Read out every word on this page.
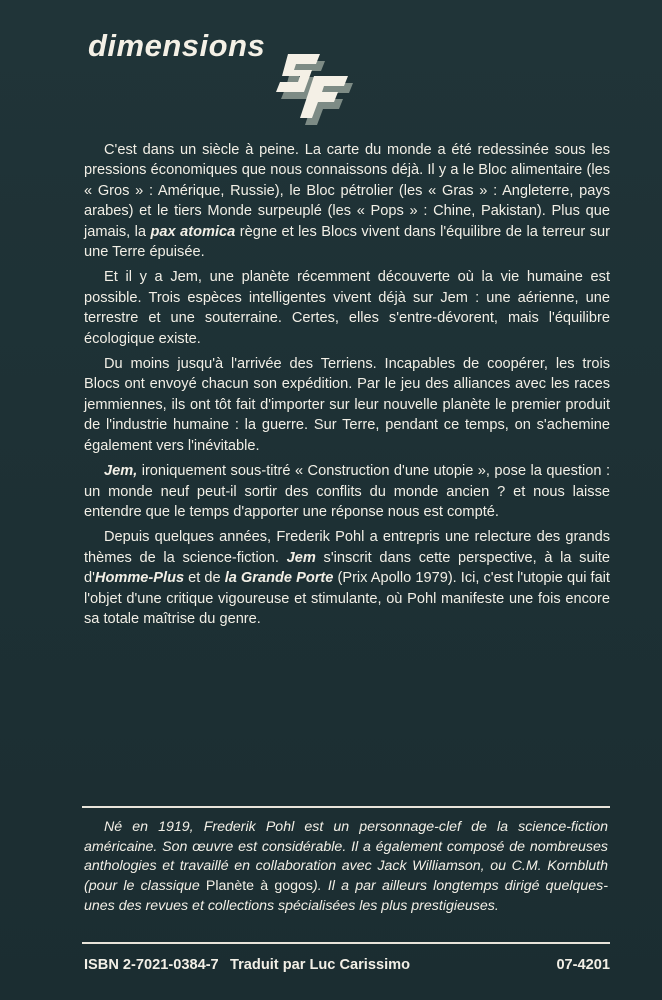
dimensions

C'est dans un siècle à peine. La carte du monde a été redessinée sous les pressions économiques que nous connaissons déjà. Il y a le Bloc alimentaire (les « Gros » : Amérique, Russie), le Bloc pétrolier (les « Gras » : Angleterre, pays arabes) et le tiers Monde surpeuplé (les « Pops » : Chine, Pakistan). Plus que jamais, la pax atomica règne et les Blocs vivent dans l'équilibre de la terreur sur une Terre épuisée.

Et il y a Jem, une planète récemment découverte où la vie humaine est possible. Trois espèces intelligentes vivent déjà sur Jem : une aérienne, une terrestre et une souterraine. Certes, elles s'entre-dévorent, mais l'équilibre écologique existe.

Du moins jusqu'à l'arrivée des Terriens. Incapables de coopérer, les trois Blocs ont envoyé chacun son expédition. Par le jeu des alliances avec les races jemmiennes, ils ont tôt fait d'importer sur leur nouvelle planète le premier produit de l'industrie humaine : la guerre. Sur Terre, pendant ce temps, on s'achemine également vers l'inévitable.

Jem, ironiquement sous-titré « Construction d'une utopie », pose la question : un monde neuf peut-il sortir des conflits du monde ancien ? et nous laisse entendre que le temps d'apporter une réponse nous est compté.

Depuis quelques années, Frederik Pohl a entrepris une relecture des grands thèmes de la science-fiction. Jem s'inscrit dans cette perspective, à la suite d'Homme-Plus et de la Grande Porte (Prix Apollo 1979). Ici, c'est l'utopie qui fait l'objet d'une critique vigoureuse et stimulante, où Pohl manifeste une fois encore sa totale maîtrise du genre.

Né en 1919, Frederik Pohl est un personnage-clef de la science-fiction américaine. Son œuvre est considérable. Il a également composé de nombreuses anthologies et travaillé en collaboration avec Jack Williamson, ou C.M. Kornbluth (pour le classique Planète à gogos). Il a par ailleurs longtemps dirigé quelques-unes des revues et collections spécialisées les plus prestigieuses.
ISBN 2-7021-0384-7 Traduit par Luc Carissimo	07-4201
